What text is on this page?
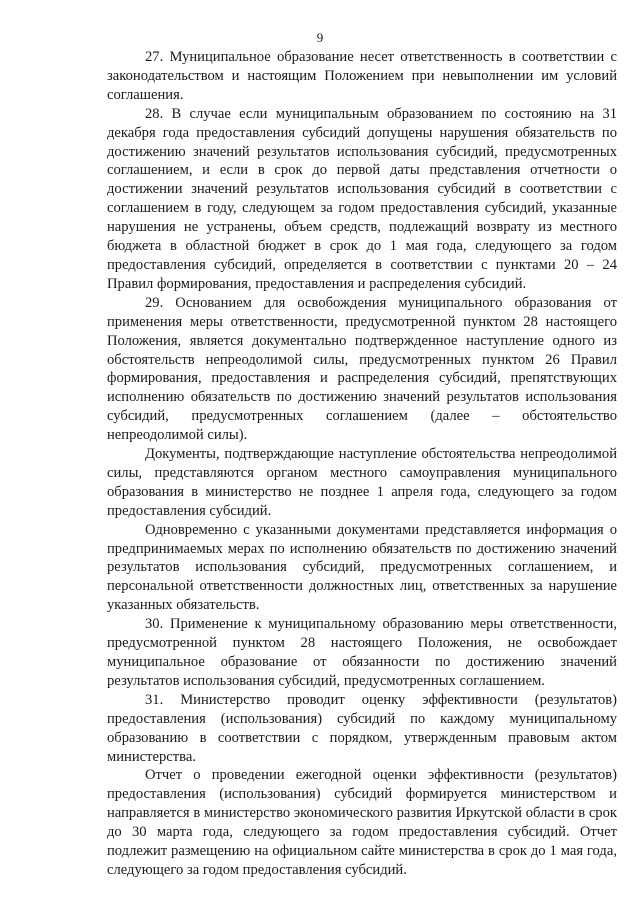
9

27. Муниципальное образование несет ответственность в соответствии с законодательством и настоящим Положением при невыполнении им условий соглашения.

28. В случае если муниципальным образованием по состоянию на 31 декабря года предоставления субсидий допущены нарушения обязательств по достижению значений результатов использования субсидий, предусмотренных соглашением, и если в срок до первой даты представления отчетности о достижении значений результатов использования субсидий в соответствии с соглашением в году, следующем за годом предоставления субсидий, указанные нарушения не устранены, объем средств, подлежащий возврату из местного бюджета в областной бюджет в срок до 1 мая года, следующего за годом предоставления субсидий, определяется в соответствии с пунктами 20 – 24 Правил формирования, предоставления и распределения субсидий.

29. Основанием для освобождения муниципального образования от применения меры ответственности, предусмотренной пунктом 28 настоящего Положения, является документально подтвержденное наступление одного из обстоятельств непреодолимой силы, предусмотренных пунктом 26 Правил формирования, предоставления и распределения субсидий, препятствующих исполнению обязательств по достижению значений результатов использования субсидий, предусмотренных соглашением (далее – обстоятельство непреодолимой силы).

Документы, подтверждающие наступление обстоятельства непреодолимой силы, представляются органом местного самоуправления муниципального образования в министерство не позднее 1 апреля года, следующего за годом предоставления субсидий.

Одновременно с указанными документами представляется информация о предпринимаемых мерах по исполнению обязательств по достижению значений результатов использования субсидий, предусмотренных соглашением, и персональной ответственности должностных лиц, ответственных за нарушение указанных обязательств.

30. Применение к муниципальному образованию меры ответственности, предусмотренной пунктом 28 настоящего Положения, не освобождает муниципальное образование от обязанности по достижению значений результатов использования субсидий, предусмотренных соглашением.

31. Министерство проводит оценку эффективности (результатов) предоставления (использования) субсидий по каждому муниципальному образованию в соответствии с порядком, утвержденным правовым актом министерства.

Отчет о проведении ежегодной оценки эффективности (результатов) предоставления (использования) субсидий формируется министерством и направляется в министерство экономического развития Иркутской области в срок до 30 марта года, следующего за годом предоставления субсидий. Отчет подлежит размещению на официальном сайте министерства в срок до 1 мая года, следующего за годом предоставления субсидий.
